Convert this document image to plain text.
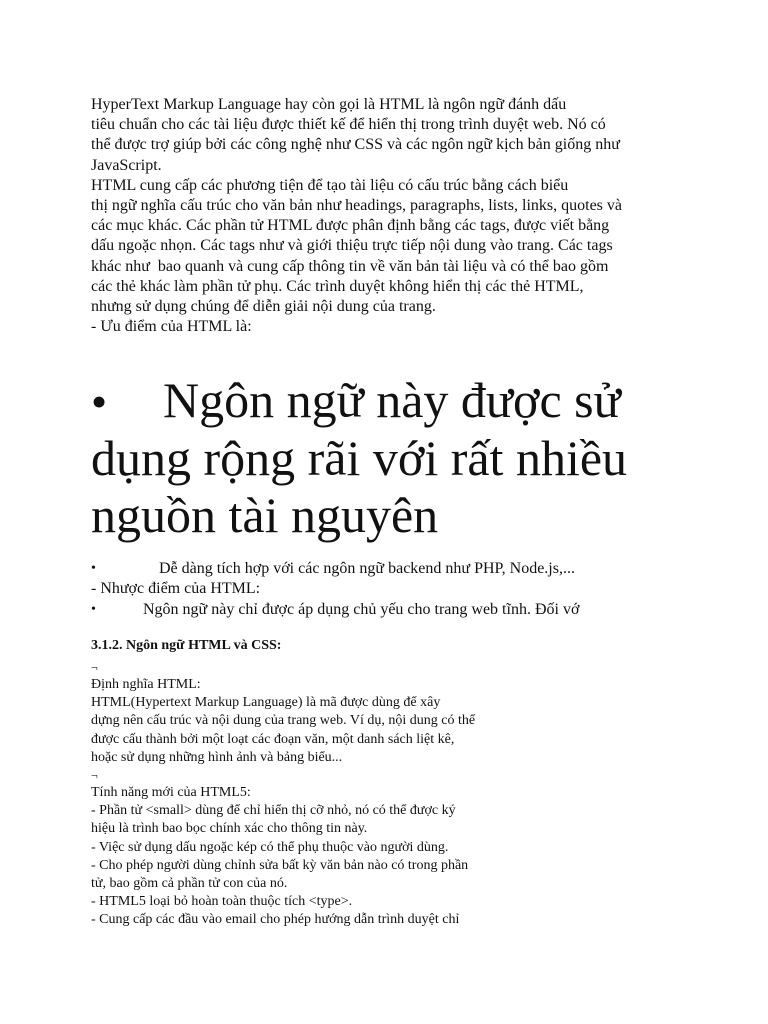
HyperText Markup Language hay còn gọi là HTML là ngôn ngữ đánh dấu
tiêu chuẩn cho các tài liệu được thiết kế để hiển thị trong trình duyệt web. Nó có
thể được trợ giúp bởi các công nghệ như CSS và các ngôn ngữ kịch bản giống như
JavaScript.
HTML cung cấp các phương tiện để tạo tài liệu có cấu trúc bằng cách biểu
thị ngữ nghĩa cấu trúc cho văn bản như headings, paragraphs, lists, links, quotes và
các mục khác. Các phần tử HTML được phân định bằng các tags, được viết bằng
dấu ngoặc nhọn. Các tags như và giới thiệu trực tiếp nội dung vào trang. Các tags
khác như  bao quanh và cung cấp thông tin về văn bản tài liệu và có thể bao gồm
các thẻ khác làm phần tử phụ. Các trình duyệt không hiển thị các thẻ HTML,
nhưng sử dụng chúng để diễn giải nội dung của trang.
- Ưu điểm của HTML là:
• Ngôn ngữ này được sử
dụng rộng rãi với rất nhiều
nguồn tài nguyên

•

	Dễ dàng tích hợp với các ngôn ngữ backend như PHP, Node.js,...

- Nhược điểm của HTML:

•

	Ngôn ngữ này chỉ được áp dụng chủ yếu cho trang web tĩnh. Đối vớ

3.1.2. Ngôn ngữ HTML và CSS:
¬
Định nghĩa HTML:
HTML(Hypertext Markup Language) là mã được dùng để xây
dựng nên cấu trúc và nội dung của trang web. Ví dụ, nội dung có thể
được cấu thành bởi một loạt các đoạn văn, một danh sách liệt kê,
hoặc sử dụng những hình ảnh và bảng biểu...
¬
Tính năng mới của HTML5:
- Phần tử <small> dùng để chỉ hiển thị cỡ nhỏ, nó có thể được ký
hiệu là trình bao bọc chính xác cho thông tin này.
- Việc sử dụng dấu ngoặc kép có thể phụ thuộc vào người dùng.
- Cho phép người dùng chỉnh sửa bất kỳ văn bản nào có trong phần
tử, bao gồm cả phần tử con của nó.
- HTML5 loại bỏ hoàn toàn thuộc tích <type>.
- Cung cấp các đầu vào email cho phép hướng dẫn trình duyệt chỉ
